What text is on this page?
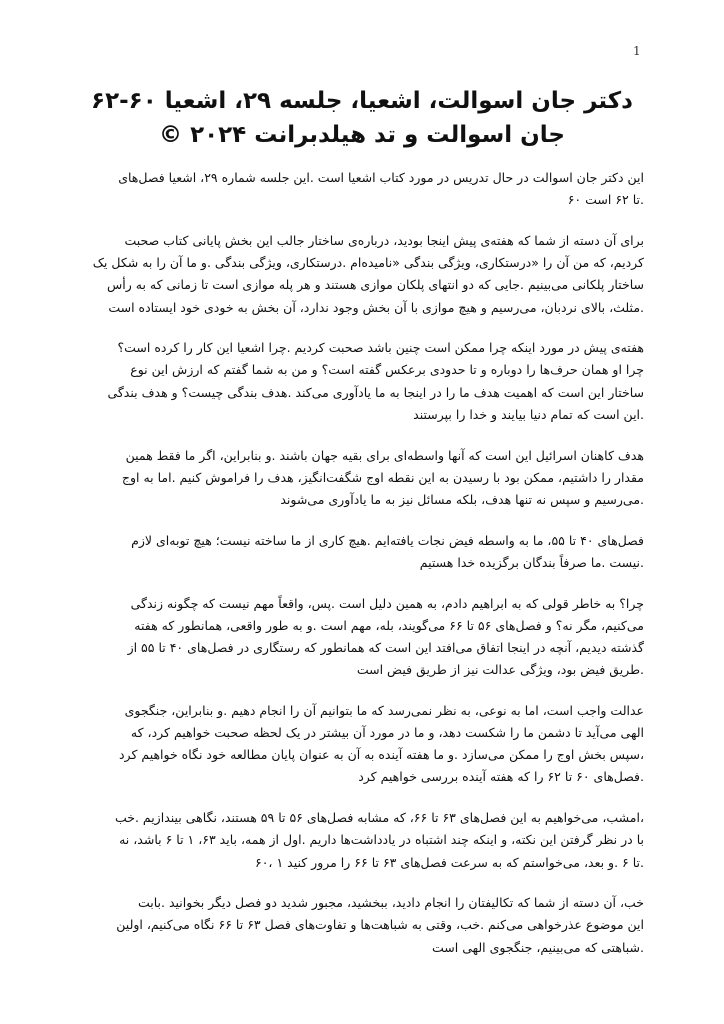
1
دکتر جان اسوالت، اشعیا، جلسه ۲۹، اشعیا ۶۰-۶۲
جان اسوالت و تد هیلدبرانت ۲۰۲۴ ©

این دکتر جان اسوالت در حال تدریس در مورد کتاب اشعیا است .این جلسه شماره ۲۹، اشعیا فصل‌های
.تا ۶۲ است ۶۰

برای آن دسته از شما که هفته‌ی پیش اینجا بودید، درباره‌ی ساختار جالب این بخش پایانی کتاب صحبت
کردیم، که من آن را «درستکاری، ویژگی بندگی «نامیده‌ام .درستکاری، ویژگی بندگی .و ما آن را به شکل یک
ساختار پلکانی می‌بینیم .جایی که دو انتهای پلکان موازی هستند و هر پله موازی است تا زمانی که به رأس
.مثلث، بالای نردبان، می‌رسیم و هیچ موازی با آن بخش وجود ندارد، آن بخش به خودی خود ایستاده است

هفته‌ی پیش در مورد اینکه چرا ممکن است چنین باشد صحبت کردیم .چرا اشعیا این کار را کرده است؟
چرا او همان حرف‌ها را دوباره و تا حدودی برعکس گفته است؟ و من به شما گفتم که ارزش این نوع
ساختار این است که اهمیت هدف ما را در اینجا به ما یادآوری می‌کند .هدف بندگی چیست؟ و هدف بندگی
.این است که تمام دنیا بیایند و خدا را بپرستند

هدف کاهنان اسرائیل این است که آنها واسطه‌ای برای بقیه جهان باشند .و بنابراین، اگر ما فقط همین
مقدار را داشتیم، ممکن بود با رسیدن به این نقطه اوج شگفت‌انگیز، هدف را فراموش کنیم .اما به اوج
.می‌رسیم و سپس نه تنها هدف، بلکه مسائل نیز به ما یادآوری می‌شوند

فصل‌های ۴۰ تا ۵۵، ما به واسطه فیض نجات یافته‌ایم .هیچ کاری از ما ساخته نیست؛ هیچ توبه‌ای لازم
.نیست .ما صرفاً بندگان برگزیده خدا هستیم

چرا؟ به خاطر قولی که به ابراهیم دادم، به همین دلیل است .پس، واقعاً مهم نیست که چگونه زندگی
می‌کنیم، مگر نه؟ و فصل‌های ۵۶ تا ۶۶ می‌گویند، بله، مهم است .و به طور واقعی، همانطور که هفته
گذشته دیدیم، آنچه در اینجا اتفاق می‌افتد این است که همانطور که رستگاری در فصل‌های ۴۰ تا ۵۵ از
.طریق فیض بود، ویژگی عدالت نیز از طریق فیض است

عدالت واجب است، اما به نوعی، به نظر نمی‌رسد که ما بتوانیم آن را انجام دهیم .و بنابراین، جنگجوی
الهی می‌آید تا دشمن ما را شکست دهد، و ما در مورد آن بیشتر در یک لحظه صحبت خواهیم کرد، که
،سپس بخش اوج را ممکن می‌سازد .و ما هفته آینده به آن به عنوان پایان مطالعه خود نگاه خواهیم کرد
.فصل‌های ۶۰ تا ۶۲ را که هفته آینده بررسی خواهیم کرد

،امشب، می‌خواهیم به این فصل‌های ۶۳ تا ۶۶، که مشابه فصل‌های ۵۶ تا ۵۹ هستند، نگاهی بیندازیم .خب
با در نظر گرفتن این نکته، و اینکه چند اشتباه در یادداشت‌ها داریم .اول از همه، باید ۶۳، ۱ تا ۶ باشد، نه
.تا ۶ .و بعد، می‌خواستم که به سرعت فصل‌های ۶۳ تا ۶۶ را مرور کنید ۱ ،۶۰

خب، آن دسته از شما که تکالیفتان را انجام دادید، ببخشید، مجبور شدید دو فصل دیگر بخوانید .بابت
این موضوع عذرخواهی می‌کنم .خب، وقتی به شباهت‌ها و تفاوت‌های فصل ۶۳ تا ۶۶ نگاه می‌کنیم، اولین
.شباهتی که می‌بینیم، جنگجوی الهی است
